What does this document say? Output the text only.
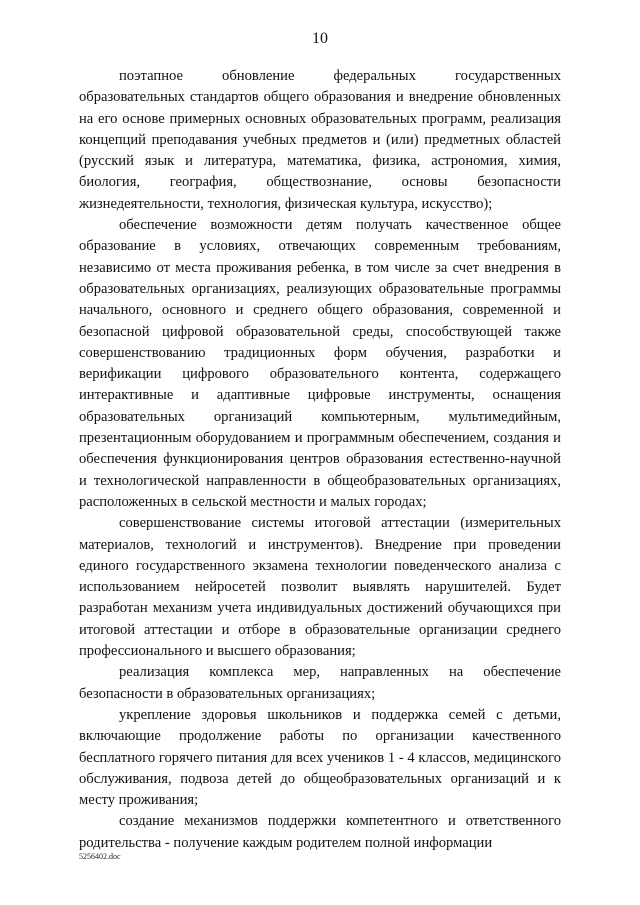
10

поэтапное обновление федеральных государственных образовательных стандартов общего образования и внедрение обновленных на его основе примерных основных образовательных программ, реализация концепций преподавания учебных предметов и (или) предметных областей (русский язык и литература, математика, физика, астрономия, химия, биология, география, обществознание, основы безопасности жизнедеятельности, технология, физическая культура, искусство);

обеспечение возможности детям получать качественное общее образование в условиях, отвечающих современным требованиям, независимо от места проживания ребенка, в том числе за счет внедрения в образовательных организациях, реализующих образовательные программы начального, основного и среднего общего образования, современной и безопасной цифровой образовательной среды, способствующей также совершенствованию традиционных форм обучения, разработки и верификации цифрового образовательного контента, содержащего интерактивные и адаптивные цифровые инструменты, оснащения образовательных организаций компьютерным, мультимедийным, презентационным оборудованием и программным обеспечением, создания и обеспечения функционирования центров образования естественно-научной и технологической направленности в общеобразовательных организациях, расположенных в сельской местности и малых городах;

совершенствование системы итоговой аттестации (измерительных материалов, технологий и инструментов). Внедрение при проведении единого государственного экзамена технологии поведенческого анализа с использованием нейросетей позволит выявлять нарушителей. Будет разработан механизм учета индивидуальных достижений обучающихся при итоговой аттестации и отборе в образовательные организации среднего профессионального и высшего образования;

реализация комплекса мер, направленных на обеспечение безопасности в образовательных организациях;

укрепление здоровья школьников и поддержка семей с детьми, включающие продолжение работы по организации качественного бесплатного горячего питания для всех учеников 1 - 4 классов, медицинского обслуживания, подвоза детей до общеобразовательных организаций и к месту проживания;

создание механизмов поддержки компетентного и ответственного родительства - получение каждым родителем полной информации

5256402.doc
